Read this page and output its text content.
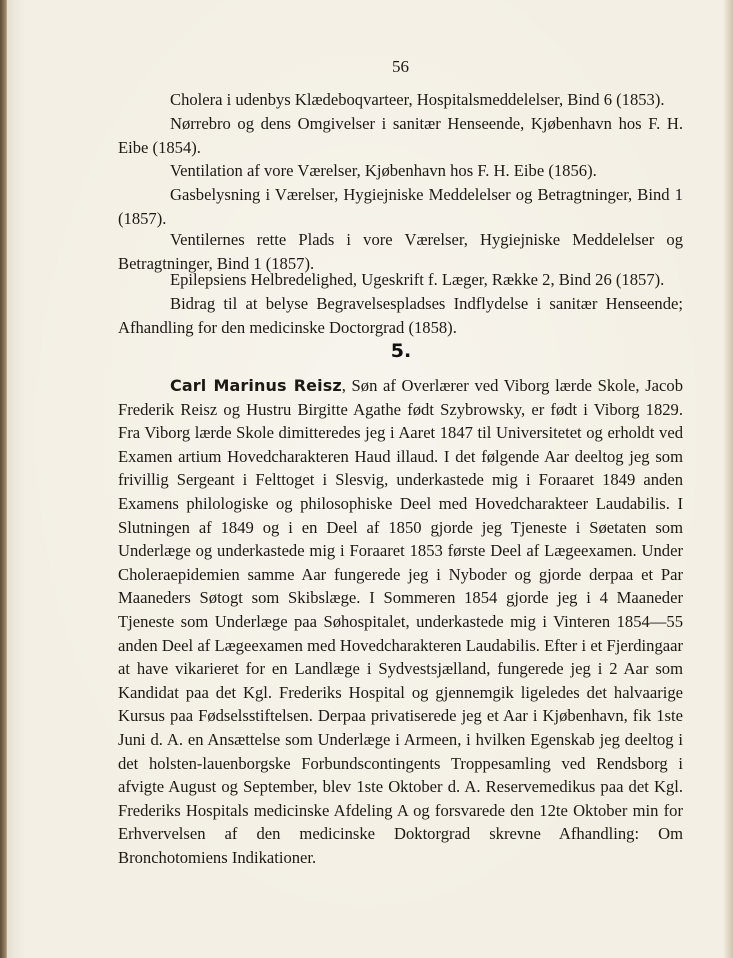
56

Cholera i udenbys Klædeboqvarteer, Hospitalsmeddelelser, Bind 6 (1853).

Nørrebro og dens Omgivelser i sanitær Henseende, Kjøbenhavn hos F. H. Eibe (1854).

Ventilation af vore Værelser, Kjøbenhavn hos F. H. Eibe (1856).

Gasbelysning i Værelser, Hygiejniske Meddelelser og Betragtninger, Bind 1 (1857).

Ventilernes rette Plads i vore Værelser, Hygiejniske Meddelelser og Betragtninger, Bind 1 (1857).

Epilepsiens Helbredelighed, Ugeskrift f. Læger, Række 2, Bind 26 (1857).

Bidrag til at belyse Begravelsespladses Indflydelse i sanitær Henseende; Afhandling for den medicinske Doctorgrad (1858).

5.

Carl Marinus Reisz, Søn af Overlærer ved Viborg lærde Skole, Jacob Frederik Reisz og Hustru Birgitte Agathe født Szybrowsky, er født i Viborg 1829. Fra Viborg lærde Skole dimitteredes jeg i Aaret 1847 til Universitetet og erholdt ved Examen artium Hovedcharakteren Haud illaud. I det følgende Aar deeltog jeg som frivillig Sergeant i Felttoget i Slesvig, underkastede mig i Foraaret 1849 anden Examens philologiske og philosophiske Deel med Hovedcharakteer Laudabilis. I Slutningen af 1849 og i en Deel af 1850 gjorde jeg Tjeneste i Søetaten som Underlæge og underkastede mig i Foraaret 1853 første Deel af Lægeexamen. Under Choleraepidemien samme Aar fungerede jeg i Nyboder og gjorde derpaa et Par Maaneders Søtogt som Skibslæge. I Sommeren 1854 gjorde jeg i 4 Maaneder Tjeneste som Underlæge paa Søhospitalet, underkastede mig i Vinteren 1854—55 anden Deel af Lægeexamen med Hovedcharakteren Laudabilis. Efter i et Fjerdingaar at have vikarieret for en Landlæge i Sydvestsjælland, fungerede jeg i 2 Aar som Kandidat paa det Kgl. Frederiks Hospital og gjennemgik ligeledes det halvaarige Kursus paa Fødselsstiftelsen. Derpaa privatiserede jeg et Aar i Kjøbenhavn, fik 1ste Juni d. A. en Ansættelse som Underlæge i Armeen, i hvilken Egenskab jeg deeltog i det holsten-lauenborgske Forbundscontingents Troppesamling ved Rendsborg i afvigte August og September, blev 1ste Oktober d. A. Reservemedikus paa det Kgl. Frederiks Hospitals medicinske Afdeling A og forsvarede den 12te Oktober min for Erhvervelsen af den medicinske Doktorgrad skrevne Afhandling: Om Bronchotomiens Indikationer.
